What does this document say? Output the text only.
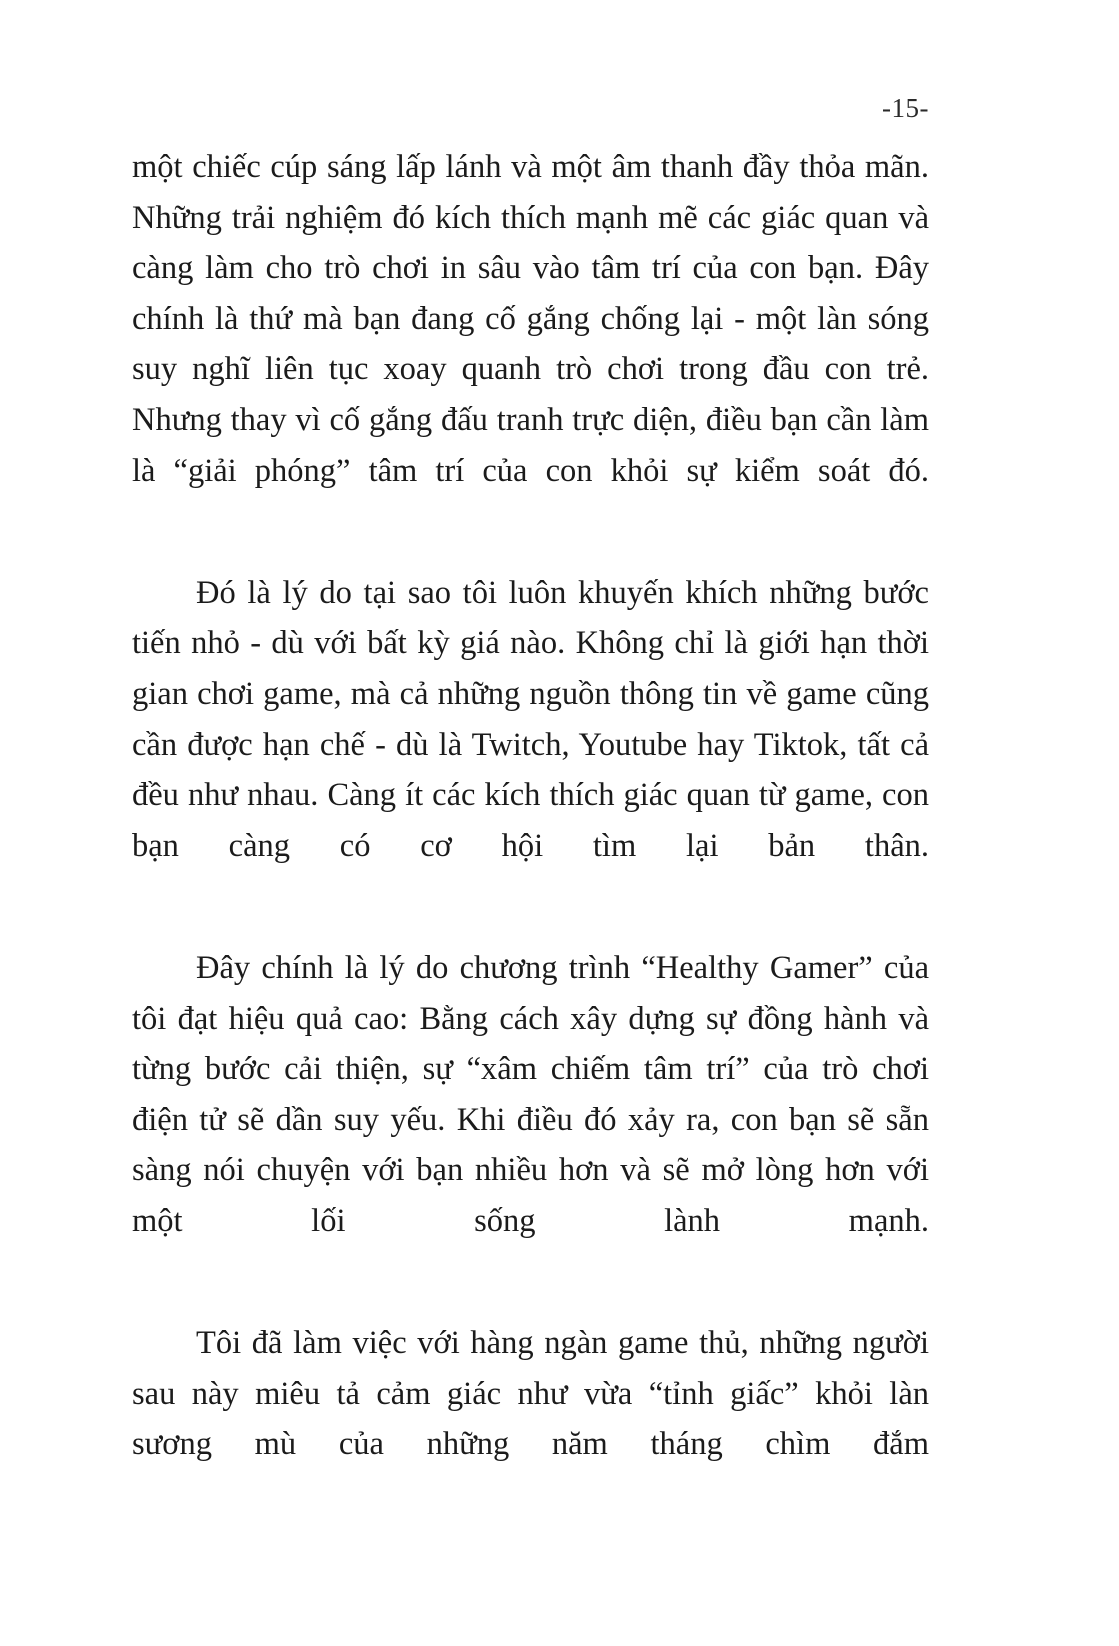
-15-

một chiếc cúp sáng lấp lánh và một âm thanh đầy thỏa mãn. Những trải nghiệm đó kích thích mạnh mẽ các giác quan và càng làm cho trò chơi in sâu vào tâm trí của con bạn. Đây chính là thứ mà bạn đang cố gắng chống lại - một làn sóng suy nghĩ liên tục xoay quanh trò chơi trong đầu con trẻ. Nhưng thay vì cố gắng đấu tranh trực diện, điều bạn cần làm là “giải phóng” tâm trí của con khỏi sự kiểm soát đó.

Đó là lý do tại sao tôi luôn khuyến khích những bước tiến nhỏ - dù với bất kỳ giá nào. Không chỉ là giới hạn thời gian chơi game, mà cả những nguồn thông tin về game cũng cần được hạn chế - dù là Twitch, Youtube hay Tiktok, tất cả đều như nhau. Càng ít các kích thích giác quan từ game, con bạn càng có cơ hội tìm lại bản thân.

Đây chính là lý do chương trình “Healthy Gamer” của tôi đạt hiệu quả cao: Bằng cách xây dựng sự đồng hành và từng bước cải thiện, sự “xâm chiếm tâm trí” của trò chơi điện tử sẽ dần suy yếu. Khi điều đó xảy ra, con bạn sẽ sẵn sàng nói chuyện với bạn nhiều hơn và sẽ mở lòng hơn với một lối sống lành mạnh.

Tôi đã làm việc với hàng ngàn game thủ, những người sau này miêu tả cảm giác như vừa “tỉnh giấc” khỏi làn sương mù của những năm tháng chìm đắm
